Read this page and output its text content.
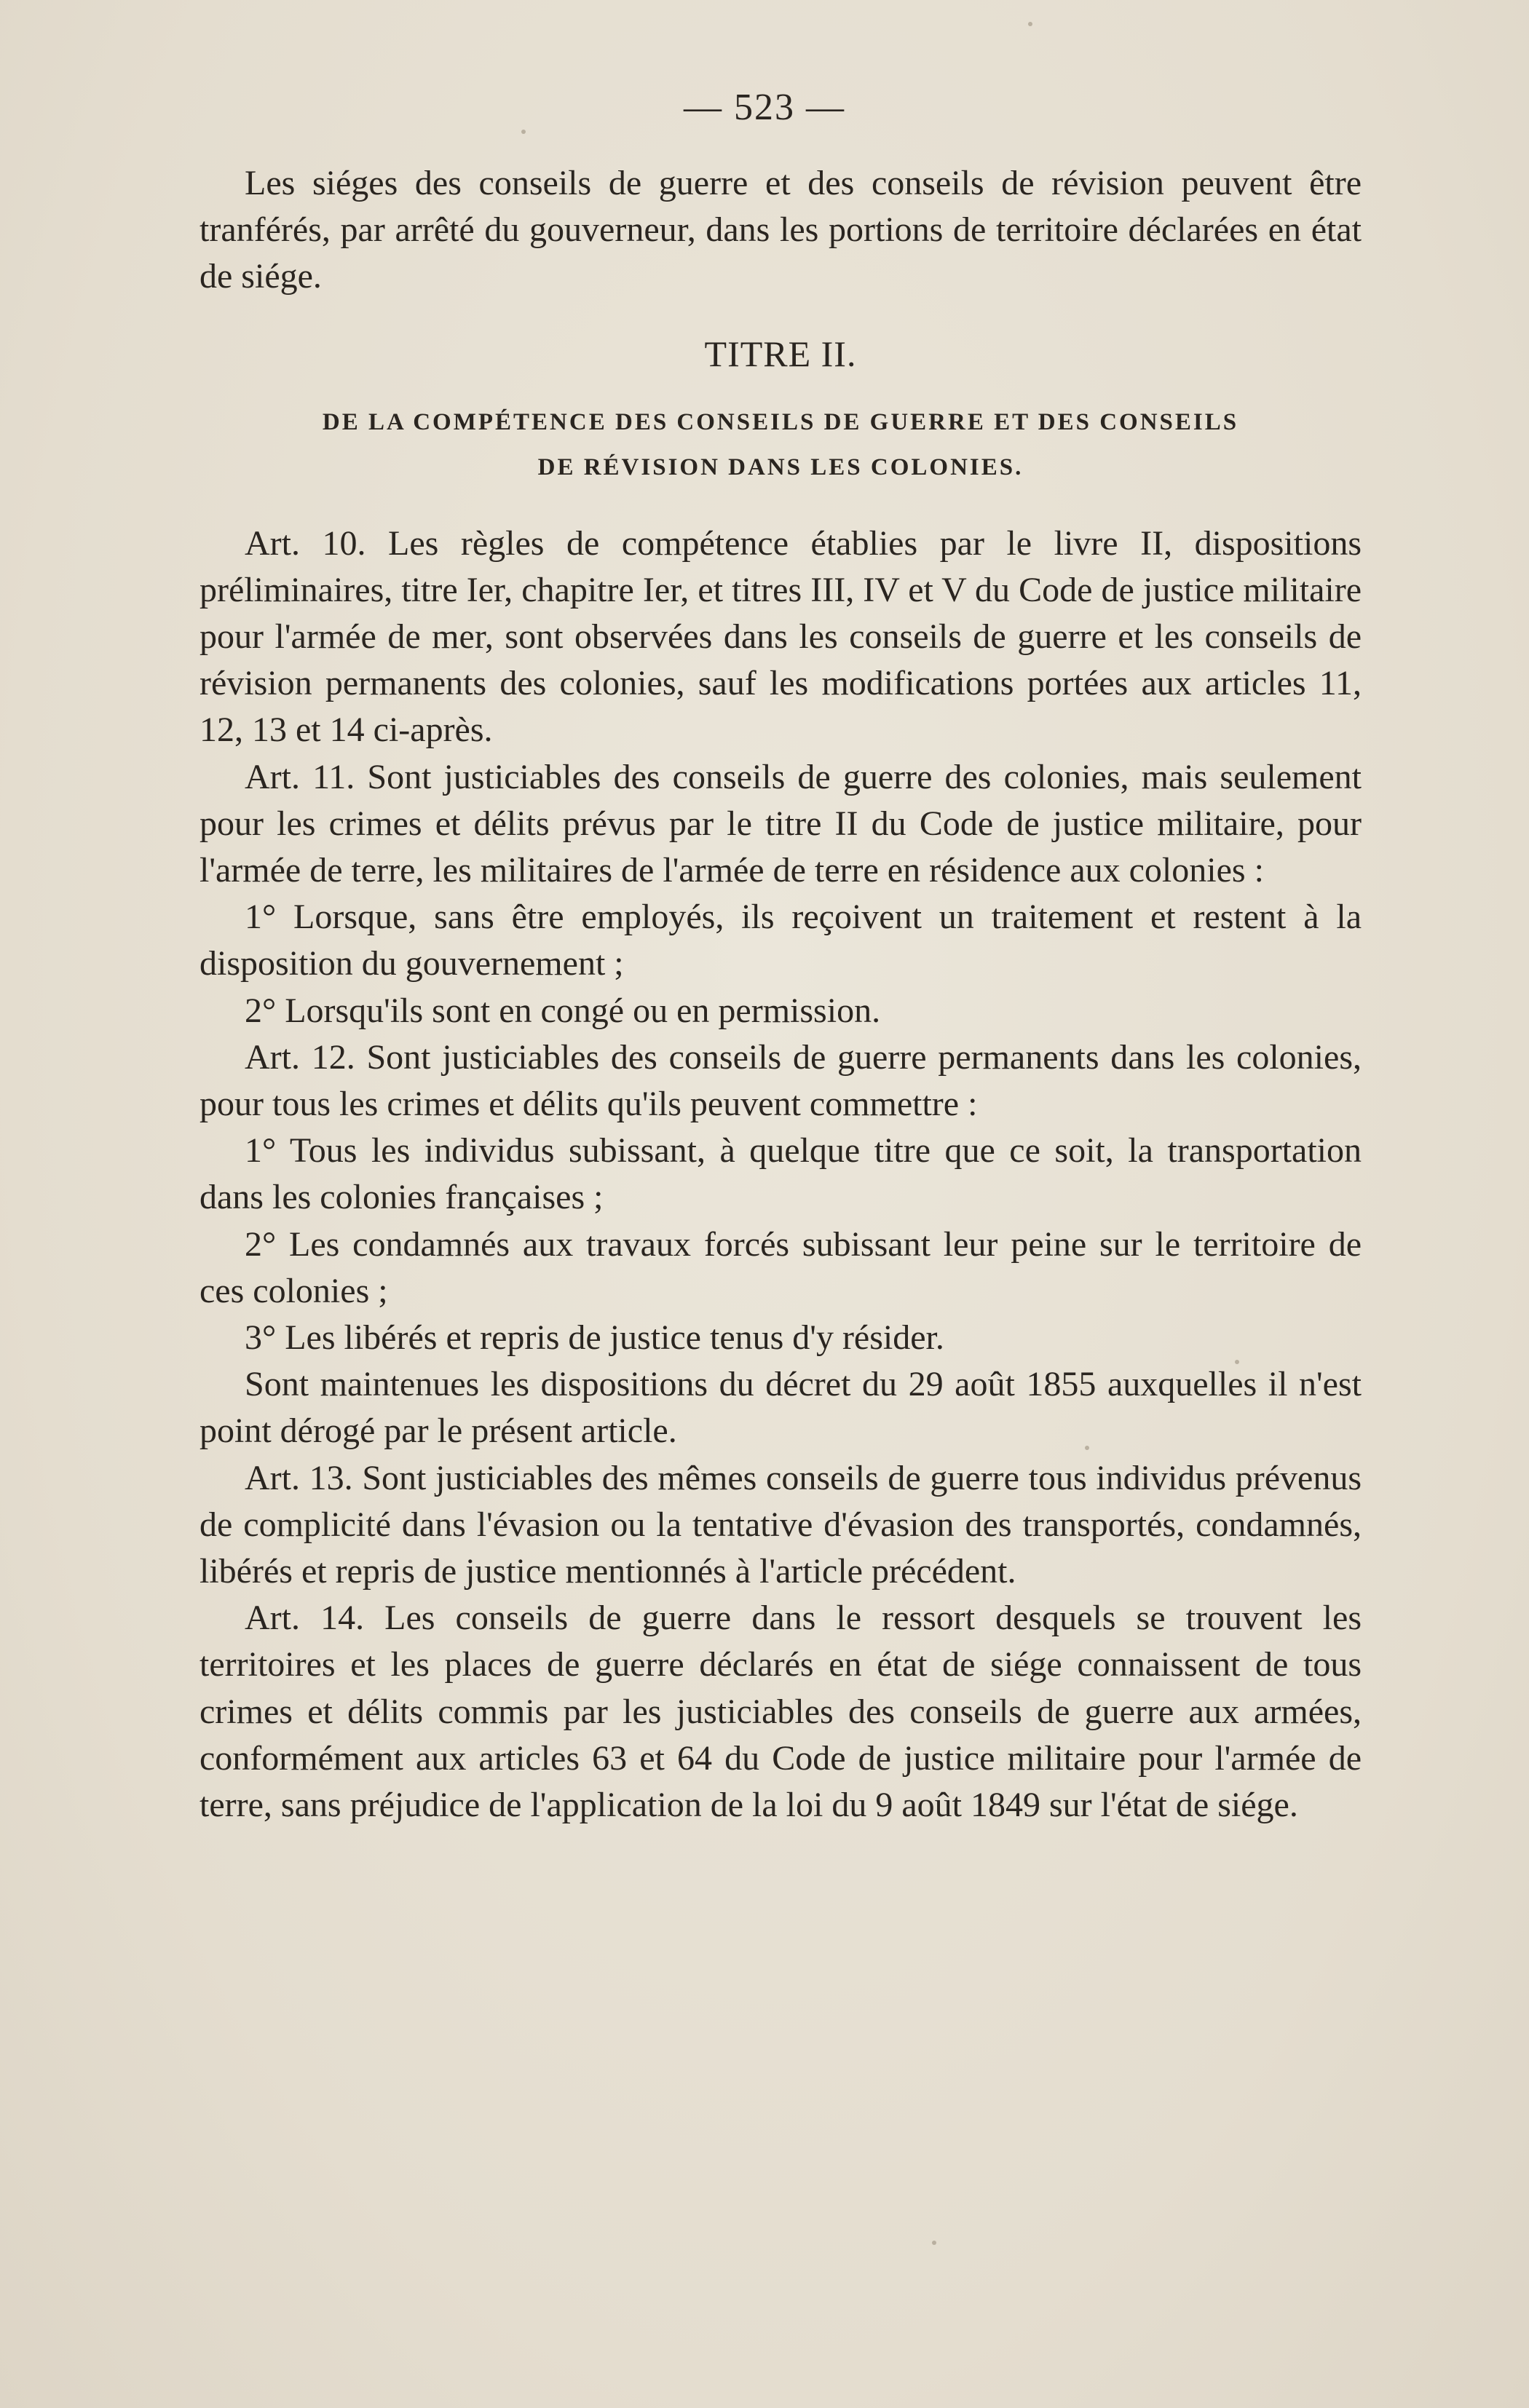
— 523 —

Les siéges des conseils de guerre et des conseils de révision peuvent être tranférés, par arrêté du gouverneur, dans les portions de territoire déclarées en état de siége.

TITRE II.
DE LA COMPÉTENCE DES CONSEILS DE GUERRE ET DES CONSEILS
DE RÉVISION DANS LES COLONIES.

Art. 10. Les règles de compétence établies par le livre II, dispositions préliminaires, titre Ier, chapitre Ier, et titres III, IV et V du Code de justice militaire pour l'armée de mer, sont observées dans les conseils de guerre et les conseils de révision permanents des colonies, sauf les modifications portées aux articles 11, 12, 13 et 14 ci-après.

Art. 11. Sont justiciables des conseils de guerre des colonies, mais seulement pour les crimes et délits prévus par le titre II du Code de justice militaire, pour l'armée de terre, les militaires de l'armée de terre en résidence aux colonies :

1° Lorsque, sans être employés, ils reçoivent un traitement et restent à la disposition du gouvernement ;

2° Lorsqu'ils sont en congé ou en permission.

Art. 12. Sont justiciables des conseils de guerre permanents dans les colonies, pour tous les crimes et délits qu'ils peuvent commettre :

1° Tous les individus subissant, à quelque titre que ce soit, la transportation dans les colonies françaises ;

2° Les condamnés aux travaux forcés subissant leur peine sur le territoire de ces colonies ;

3° Les libérés et repris de justice tenus d'y résider.

Sont maintenues les dispositions du décret du 29 août 1855 auxquelles il n'est point dérogé par le présent article.

Art. 13. Sont justiciables des mêmes conseils de guerre tous individus prévenus de complicité dans l'évasion ou la tentative d'évasion des transportés, condamnés, libérés et repris de justice mentionnés à l'article précédent.

Art. 14. Les conseils de guerre dans le ressort desquels se trouvent les territoires et les places de guerre déclarés en état de siége connaissent de tous crimes et délits commis par les justiciables des conseils de guerre aux armées, conformément aux articles 63 et 64 du Code de justice militaire pour l'armée de terre, sans préjudice de l'application de la loi du 9 août 1849 sur l'état de siége.
